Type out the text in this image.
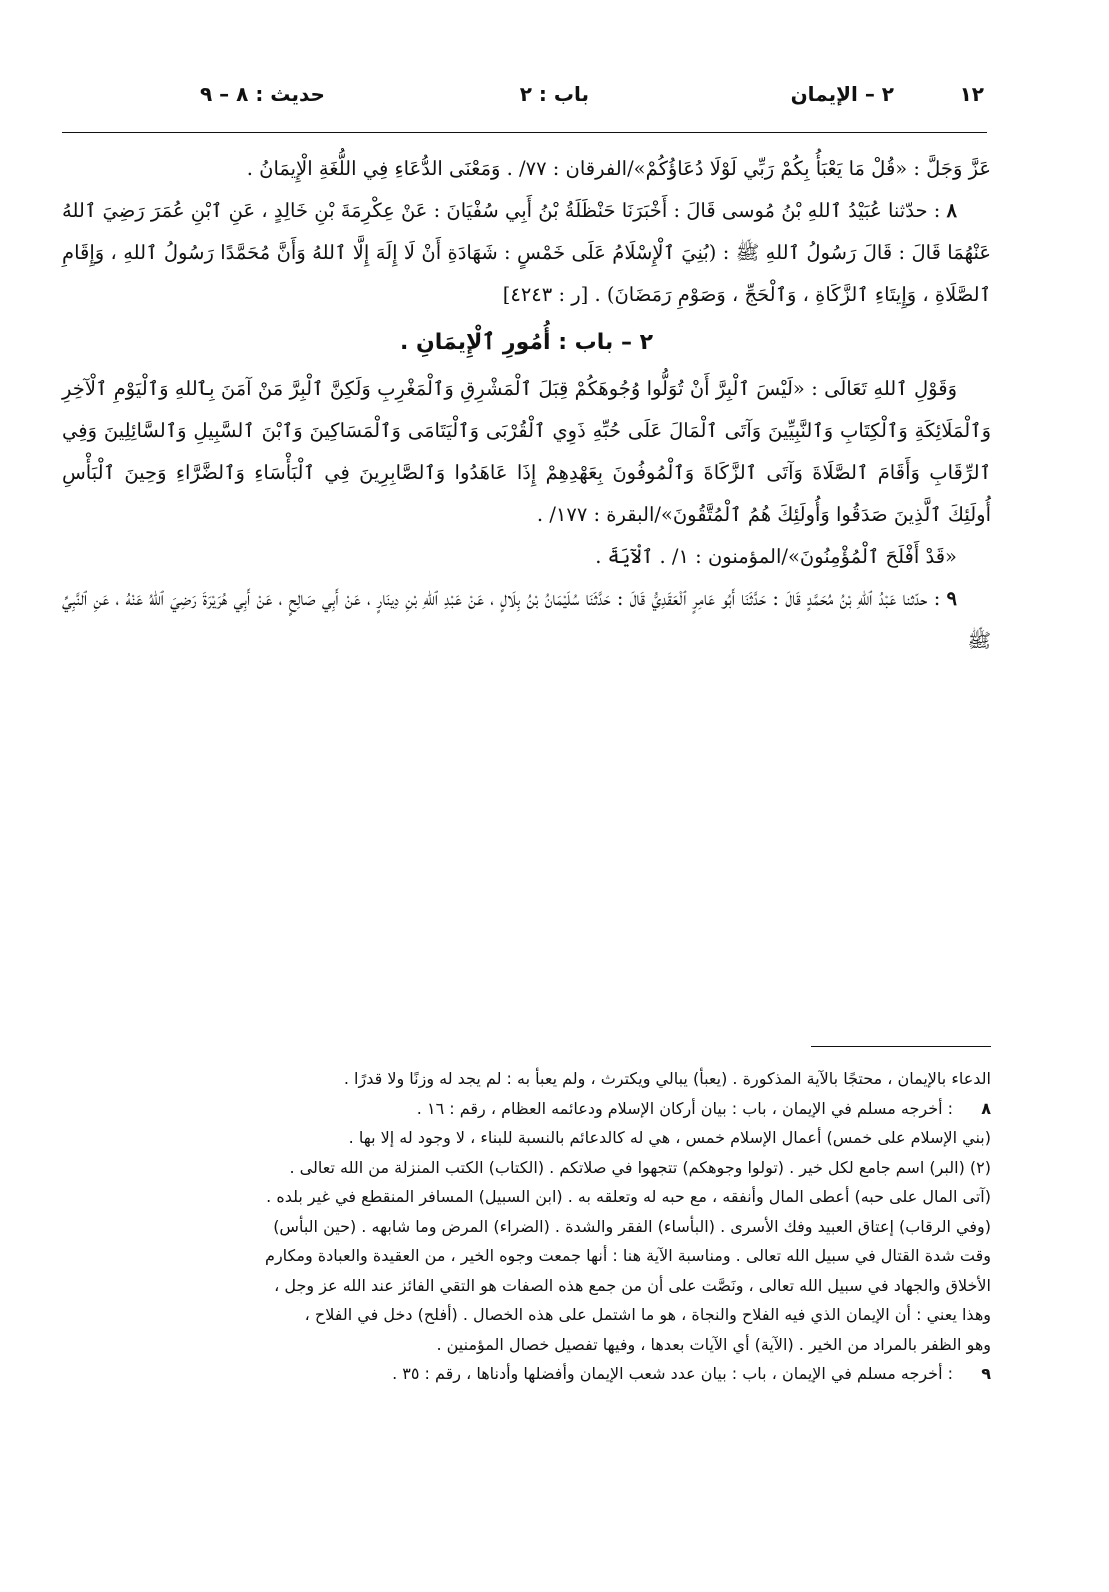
١٢
٢ – الإيمان
باب : ٢
حديث : ٨ – ٩

عَزَّ وَجَلَّ : «قُلْ مَا يَعْبَأُ بِكُمْ رَبِّي لَوْلَا دُعَاؤُكُمْ»/الفرقان : ٧٧/ . وَمَعْنَى الدُّعَاءِ فِي اللُّغَةِ الْإِيمَانُ .

٨ : حدّثنا عُبَيْدُ ٱللهِ بْنُ مُوسى قَالَ : أَخْبَرَنَا حَنْظَلَةُ بْنُ أَبِي سُفْيَانَ : عَنْ عِكْرِمَةَ بْنِ خَالِدٍ ، عَنِ ٱبْنِ عُمَرَ رَضِيَ ٱللهُ عَنْهُمَا قَالَ : قَالَ رَسُولُ ٱللهِ ﷺ : (بُنِيَ ٱلْإِسْلَامُ عَلَى خَمْسٍ : شَهَادَةِ أَنْ لَا إِلَهَ إِلَّا ٱللهُ وَأَنَّ مُحَمَّدًا رَسُولُ ٱللهِ ، وَإِقَامِ ٱلصَّلَاةِ ، وَإِيتَاءِ ٱلزَّكَاةِ ، وَٱلْحَجِّ ، وَصَوْمِ رَمَضَانَ) . [ر : ٤٢٤٣]

٢ – باب : أُمُورِ ٱلْإِيمَانِ .

وَقَوْلِ ٱللهِ تَعَالَى : «لَيْسَ ٱلْبِرَّ أَنْ تُوَلُّوا وُجُوهَكُمْ قِبَلَ ٱلْمَشْرِقِ وَٱلْمَغْرِبِ وَلَكِنَّ ٱلْبِرَّ مَنْ آمَنَ بِٱللهِ وَٱلْيَوْمِ ٱلْآخِرِ وَٱلْمَلَائِكَةِ وَٱلْكِتَابِ وَٱلنَّبِيِّينَ وَآتَى ٱلْمَالَ عَلَى حُبِّهِ ذَوِي ٱلْقُرْبَى وَٱلْيَتَامَى وَٱلْمَسَاكِينَ وَٱبْنَ ٱلسَّبِيلِ وَٱلسَّائِلِينَ وَفِي ٱلرِّقَابِ وَأَقَامَ ٱلصَّلَاةَ وَآتَى ٱلزَّكَاةَ وَٱلْمُوفُونَ بِعَهْدِهِمْ إِذَا عَاهَدُوا وَٱلصَّابِرِينَ فِي ٱلْبَأْسَاءِ وَٱلضَّرَّاءِ وَحِينَ ٱلْبَأْسِ أُولَئِكَ ٱلَّذِينَ صَدَقُوا وَأُولَئِكَ هُمُ ٱلْمُتَّقُونَ»/البقرة : ١٧٧/ .

«قَدْ أَفْلَحَ ٱلْمُؤْمِنُونَ»/المؤمنون : ١/ . ٱلْآيَةَ .

٩ : حدّثنا عَبْدُ ٱللهِ بْنُ مُحَمَّدٍ قَالَ : حَدَّثَنَا أَبُو عَامِرٍ ٱلْعَقَدِيُّ قَالَ : حَدَّثَنَا سُلَيْمَانُ بْنُ بِلَالٍ ، عَنْ عَبْدِ ٱللهِ بْنِ دِينَارٍ ، عَنْ أَبِي صَالِحٍ ، عَنْ أَبِي هُرَيْرَةَ رَضِيَ ٱللهُ عَنْهُ ، عَنِ ٱلنَّبِيِّ ﷺ

الدعاء بالإيمان ، محتجًا بالآية المذكورة . (يعبأ) يبالي ويكترث ، ولم يعبأ به : لم يجد له وزنًا ولا قدرًا .
٨
: أخرجه مسلم في الإيمان ، باب : بيان أركان الإسلام ودعائمه العظام ، رقم : ١٦ .
(بني الإسلام على خمس) أعمال الإسلام خمس ، هي له كالدعائم بالنسبة للبناء ، لا وجود له إلا بها .
(٢) (البر) اسم جامع لكل خير . (تولوا وجوهكم) تتجهوا في صلاتكم . (الكتاب) الكتب المنزلة من الله تعالى .
(آتى المال على حبه) أعطى المال وأنفقه ، مع حبه له وتعلقه به . (ابن السبيل) المسافر المنقطع في غير بلده .
(وفي الرقاب) إعتاق العبيد وفك الأسرى . (البأساء) الفقر والشدة . (الضراء) المرض وما شابهه . (حين البأس)
وقت شدة القتال في سبيل الله تعالى . ومناسبة الآية هنا : أنها جمعت وجوه الخير ، من العقيدة والعبادة ومكارم
الأخلاق والجهاد في سبيل الله تعالى ، ونَصَّت على أن من جمع هذه الصفات هو التقي الفائز عند الله عز وجل ،
وهذا يعني : أن الإيمان الذي فيه الفلاح والنجاة ، هو ما اشتمل على هذه الخصال . (أفلح) دخل في الفلاح ،
وهو الظفر بالمراد من الخير . (الآية) أي الآيات بعدها ، وفيها تفصيل خصال المؤمنين .
٩
: أخرجه مسلم في الإيمان ، باب : بيان عدد شعب الإيمان وأفضلها وأدناها ، رقم : ٣٥ .
